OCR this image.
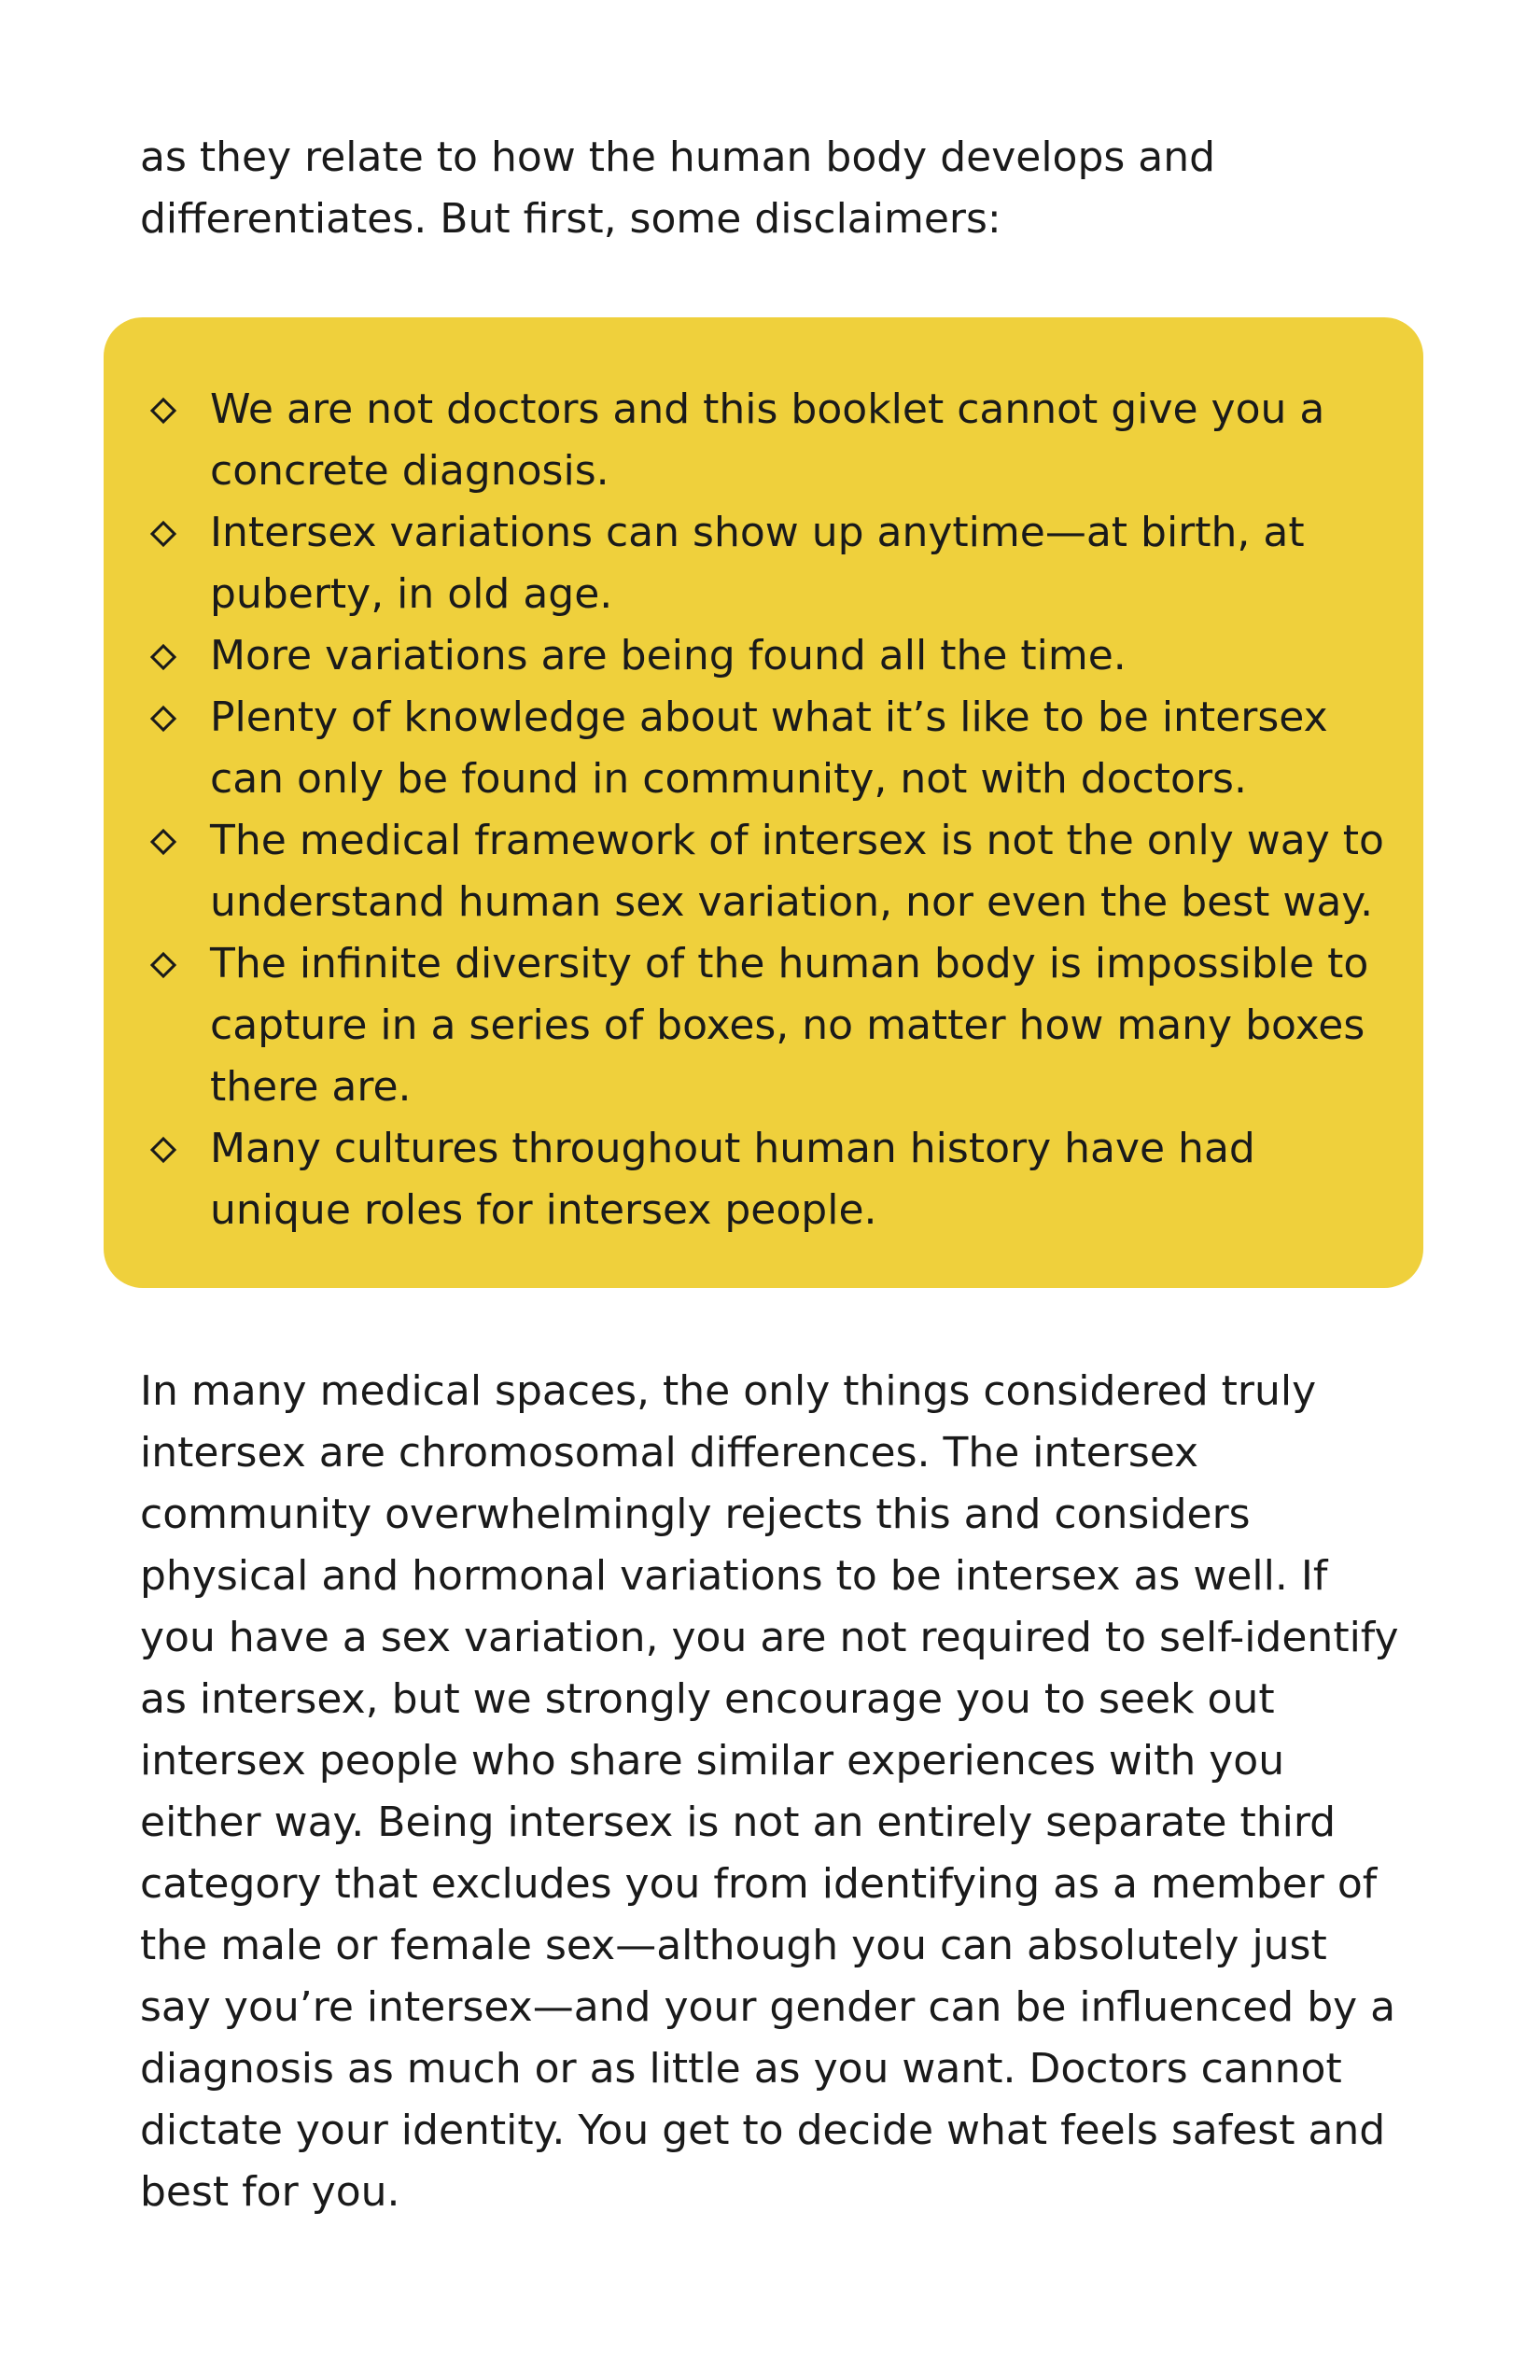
as they relate to how the human body develops and differentiates. But first, some disclaimers:

We are not doctors and this booklet cannot give you a concrete diagnosis.
Intersex variations can show up anytime—at birth, at puberty, in old age.
More variations are being found all the time.
Plenty of knowledge about what it’s like to be intersex can only be found in community, not with doctors.
The medical framework of intersex is not the only way to understand human sex variation, nor even the best way.
The infinite diversity of the human body is impossible to capture in a series of boxes, no matter how many boxes there are.
Many cultures throughout human history have had unique roles for intersex people.

In many medical spaces, the only things considered truly intersex are chromosomal differences. The intersex community overwhelmingly rejects this and considers physical and hormonal variations to be intersex as well. If you have a sex variation, you are not required to self-identify as intersex, but we strongly encourage you to seek out intersex people who share similar experiences with you either way. Being intersex is not an entirely separate third category that excludes you from identifying as a member of the male or female sex—although you can absolutely just say you’re intersex—and your gender can be influenced by a diagnosis as much or as little as you want. Doctors cannot dictate your identity. You get to decide what feels safest and best for you.
